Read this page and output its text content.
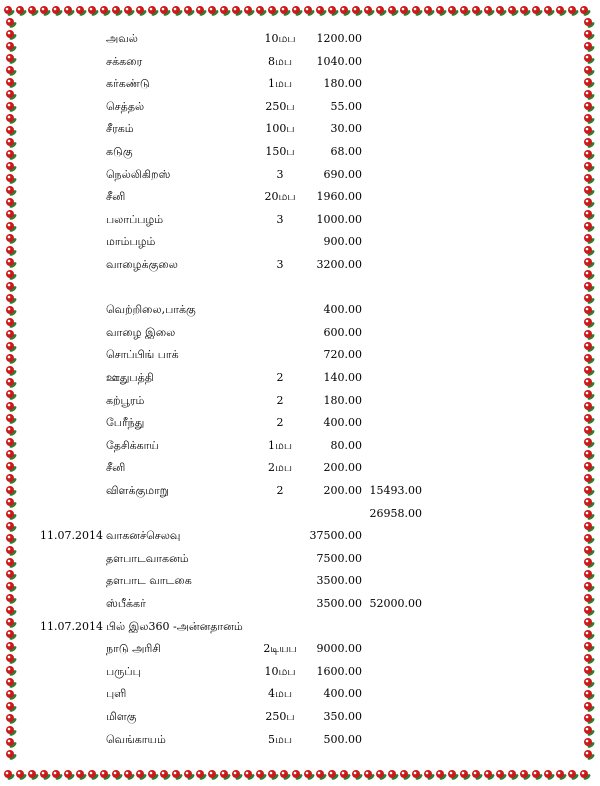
அவல்	10மப	1200.00
சக்கரை	8மப	1040.00
கர்கண்டு	1மப	180.00
செத்தல்	250ப	55.00
சீரகம்	100ப	30.00
கடுகு	150ப	68.00
நெல்லிகிறஸ்	3	690.00
சீனி	20மப	1960.00
பலாப்பழம்	3	1000.00
மாம்பழம்	900.00
வாழைக்குலை	3	3200.00
வெற்றிலை,பாக்கு	400.00
வாழை இலை	600.00
சொப்பிங் பாக்	720.00
ஊதுபத்தி	2	140.00
கற்பூரம்	2	180.00
பேரீந்து	2	400.00
தேசிக்காய்	1மப	80.00
சீனி	2மப	200.00
விளக்குமாறு	2	200.00 15493.00
26958.00
11.07.2014 வாகனச்செலவு	37500.00
தளபாடவாகனம்	7500.00
தளபாட வாடகை	3500.00
ஸ்பீக்கர்	3500.00 52000.00
11.07.2014 பில் இல360 -அன்னதானம்
நாடு அரிசி	2டியப	9000.00
பருப்பு	10மப	1600.00
புளி	4மப	400.00
மிளகு	250ப	350.00
வெங்காயம்	5மப	500.00
